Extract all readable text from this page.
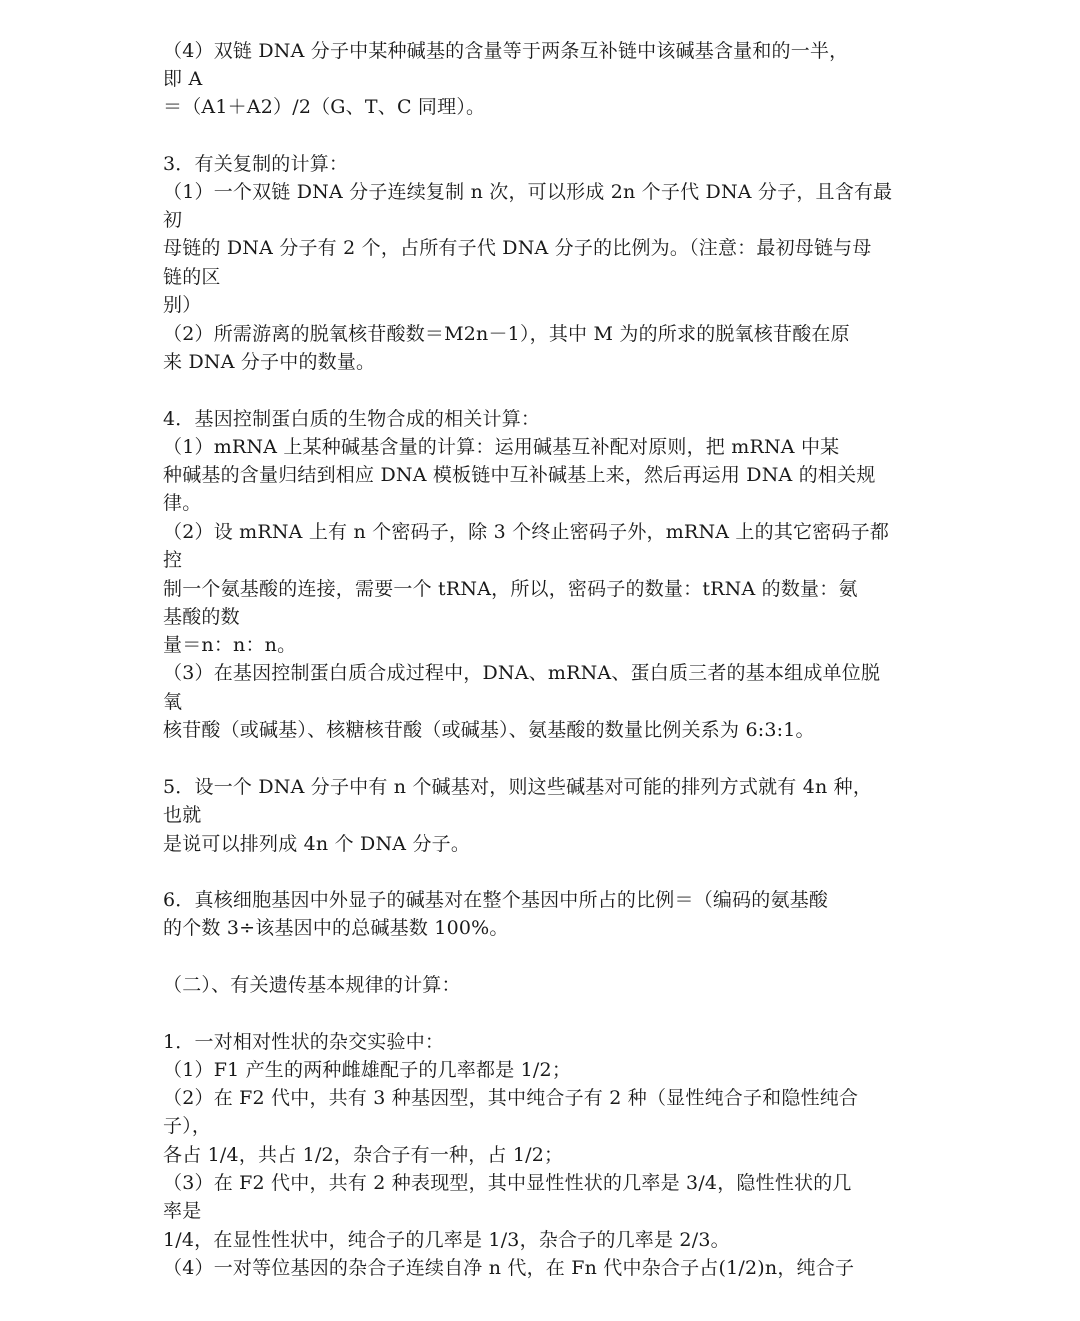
（4）双链 DNA 分子中某种碱基的含量等于两条互补链中该碱基含量和的一半，
即 A
＝（A1＋A2）/2（G、T、C 同理）。
3．有关复制的计算：
（1）一个双链 DNA 分子连续复制 n 次，可以形成 2n 个子代 DNA 分子，且含有最
初
母链的 DNA 分子有 2 个，占所有子代 DNA 分子的比例为。（注意：最初母链与母
链的区
别）
（2）所需游离的脱氧核苷酸数＝M2n－1），其中 M 为的所求的脱氧核苷酸在原
来 DNA 分子中的数量。
4．基因控制蛋白质的生物合成的相关计算：
（1）mRNA 上某种碱基含量的计算：运用碱基互补配对原则，把 mRNA 中某
种碱基的含量归结到相应 DNA 模板链中互补碱基上来，然后再运用 DNA 的相关规
律。
（2）设 mRNA 上有 n 个密码子，除 3 个终止密码子外，mRNA 上的其它密码子都
控
制一个氨基酸的连接，需要一个 tRNA，所以，密码子的数量：tRNA 的数量：氨
基酸的数
量＝n：n：n。
（3）在基因控制蛋白质合成过程中，DNA、mRNA、蛋白质三者的基本组成单位脱
氧
核苷酸（或碱基）、核糖核苷酸（或碱基）、氨基酸的数量比例关系为 6:3:1。
5．设一个 DNA 分子中有 n 个碱基对，则这些碱基对可能的排列方式就有 4n 种，
也就
是说可以排列成 4n 个 DNA 分子。
6．真核细胞基因中外显子的碱基对在整个基因中所占的比例＝（编码的氨基酸
的个数 3÷该基因中的总碱基数 100%。
（二）、有关遗传基本规律的计算：
1．一对相对性状的杂交实验中：
（1）F1 产生的两种雌雄配子的几率都是 1/2；
（2）在 F2 代中，共有 3 种基因型，其中纯合子有 2 种（显性纯合子和隐性纯合
子），
各占 1/4，共占 1/2，杂合子有一种，占 1/2；
（3）在 F2 代中，共有 2 种表现型，其中显性性状的几率是 3/4，隐性性状的几
率是
1/4，在显性性状中，纯合子的几率是 1/3，杂合子的几率是 2/3。
（4）一对等位基因的杂合子连续自净 n 代，在 Fn 代中杂合子占(1/2)n，纯合子
